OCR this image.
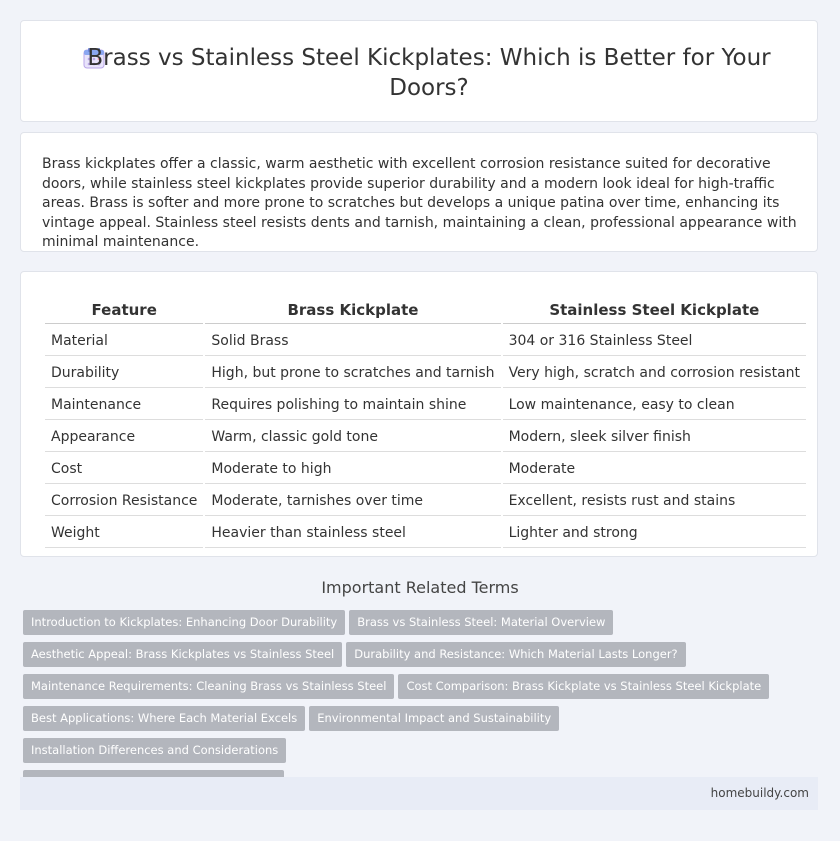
Brass vs Stainless Steel Kickplates: Which is Better for Your Doors?

Brass kickplates offer a classic, warm aesthetic with excellent corrosion resistance suited for decorative doors, while stainless steel kickplates provide superior durability and a modern look ideal for high-traffic areas. Brass is softer and more prone to scratches but develops a unique patina over time, enhancing its vintage appeal. Stainless steel resists dents and tarnish, maintaining a clean, professional appearance with minimal maintenance.

Feature	Brass Kickplate	Stainless Steel Kickplate
Material	Solid Brass	304 or 316 Stainless Steel
Durability	High, but prone to scratches and tarnish	Very high, scratch and corrosion resistant
Maintenance	Requires polishing to maintain shine	Low maintenance, easy to clean
Appearance	Warm, classic gold tone	Modern, sleek silver finish
Cost	Moderate to high	Moderate
Corrosion Resistance	Moderate, tarnishes over time	Excellent, resists rust and stains
Weight	Heavier than stainless steel	Lighter and strong
Important Related Terms
Introduction to Kickplates: Enhancing Door Durability Brass vs Stainless Steel: Material Overview
Aesthetic Appeal: Brass Kickplates vs Stainless Steel Durability and Resistance: Which Material Lasts Longer?
Maintenance Requirements: Cleaning Brass vs Stainless Steel Cost Comparison: Brass Kickplate vs Stainless Steel Kickplate
Best Applications: Where Each Material Excels Environmental Impact and SustainabilityInstallation Differences and Considerations

homebuildy.com
